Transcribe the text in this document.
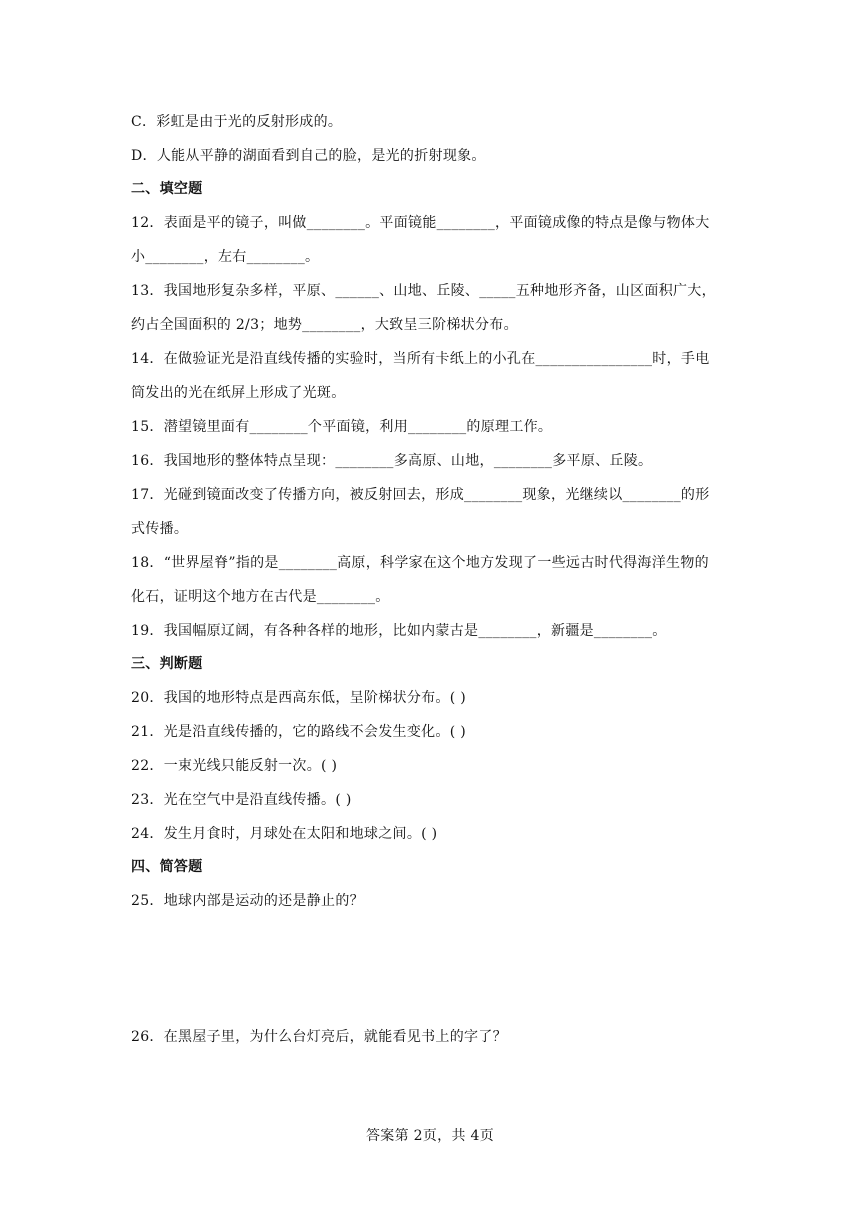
C．彩虹是由于光的反射形成的。
D．人能从平静的湖面看到自己的脸，是光的折射现象。
二、填空题
12．表面是平的镜子，叫做________。平面镜能________，平面镜成像的特点是像与物体大
小________，左右________。
13．我国地形复杂多样，平原、______、山地、丘陵、_____五种地形齐备，山区面积广大，
约占全国面积的 2/3；地势________，大致呈三阶梯状分布。
14．在做验证光是沿直线传播的实验时，当所有卡纸上的小孔在________________时，手电
筒发出的光在纸屏上形成了光斑。
15．潜望镜里面有________个平面镜，利用________的原理工作。
16．我国地形的整体特点呈现：________多高原、山地，________多平原、丘陵。
17．光碰到镜面改变了传播方向，被反射回去，形成________现象，光继续以________的形
式传播。
18．“世界屋脊”指的是________高原，科学家在这个地方发现了一些远古时代得海洋生物的
化石，证明这个地方在古代是________。
19．我国幅原辽阔，有各种各样的地形，比如内蒙古是________，新疆是________。
三、判断题
20．我国的地形特点是西高东低，呈阶梯状分布。( )
21．光是沿直线传播的，它的路线不会发生变化。( )
22．一束光线只能反射一次。( )
23．光在空气中是沿直线传播。( )
24．发生月食时，月球处在太阳和地球之间。( )
四、简答题
25．地球内部是运动的还是静止的？
26．在黑屋子里，为什么台灯亮后，就能看见书上的字了？
答案第 2页，共 4页
